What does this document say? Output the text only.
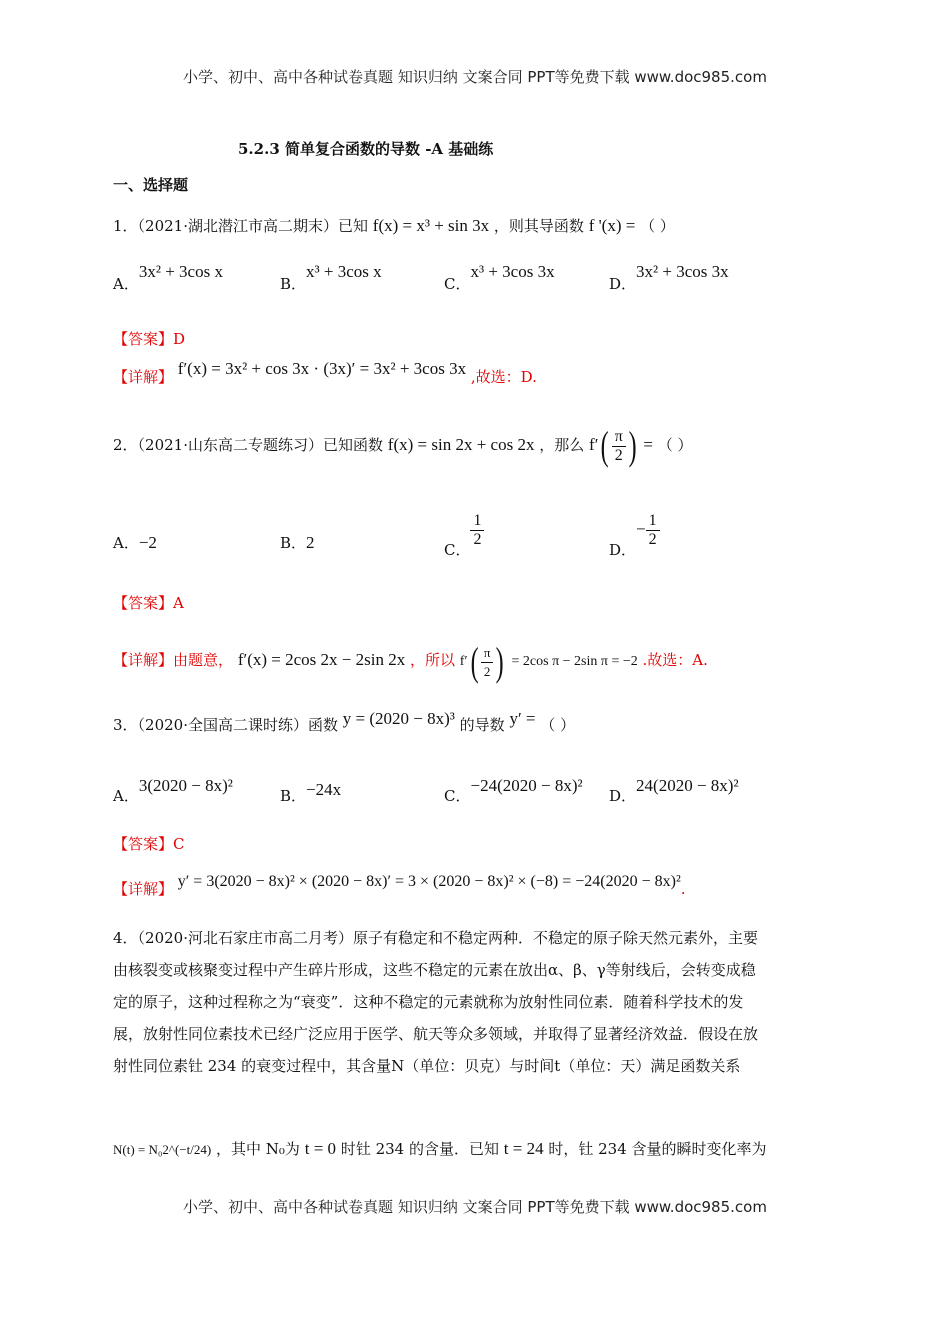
小学、初中、高中各种试卷真题 知识归纳 文案合同 PPT等免费下载 www.doc985.com
5.2.3 简单复合函数的导数 -A 基础练
一、选择题
1．（2021·湖北潜江市高二期末）已知 f(x) = x³ + sin 3x ，则其导函数 f '(x) = （ ）
A．3x² + 3cos x
B．x³ + 3cos x
C．x³ + 3cos 3x
D．3x² + 3cos 3x
【答案】D
【详解】 f′(x) = 3x² + cos 3x · (3x)′ = 3x² + 3cos 3x ,故选：D.
2．（2021·山东高二专题练习）已知函数 f(x) = sin 2x + cos 2x ，那么 $f'( \frac{\pi}{2}$ ) = （ ）
A．−2	B．2	C．
$\frac{1}{2}$
D．− $\frac{1}{2}$
【答案】A
【详解】由题意， f′(x) = 2cos 2x − 2sin 2x ，所以 $f'( \frac{\pi}{2}$ ) = 2cos π − 2sin π = −2 .故选：A.
3．（2020·全国高二课时练）函数 y = (2020 − 8x)³ 的导数 y′ = （ ）
A．3(2020 − 8x)²
B．−24x	C．−24(2020 − 8x)²
D．24(2020 − 8x)²
【答案】C
【详解】 y′ = 3(2020 − 8x)² × (2020 − 8x)′ = 3 × (2020 − 8x)² × (−8) = −24(2020 − 8x)².
4．（2020·河北石家庄市高二月考）原子有稳定和不稳定两种．不稳定的原子除天然元素外，主要
由核裂变或核聚变过程中产生碎片形成，这些不稳定的元素在放出α、β、γ等射线后，会转变成稳
定的原子，这种过程称之为“衰变”．这种不稳定的元素就称为放射性同位素．随着科学技术的发
展，放射性同位素技术已经广泛应用于医学、航天等众多领域，并取得了显著经济效益．假设在放
射性同位素钍 234 的衰变过程中，其含量N（单位：贝克）与时间t（单位：天）满足函数关系
N(t) = N₀2^(−t/24) ，其中 N₀为 t = 0 时钍 234 的含量．已知 t = 24 时，钍 234 含量的瞬时变化率为
小学、初中、高中各种试卷真题 知识归纳 文案合同 PPT等免费下载 www.doc985.com
